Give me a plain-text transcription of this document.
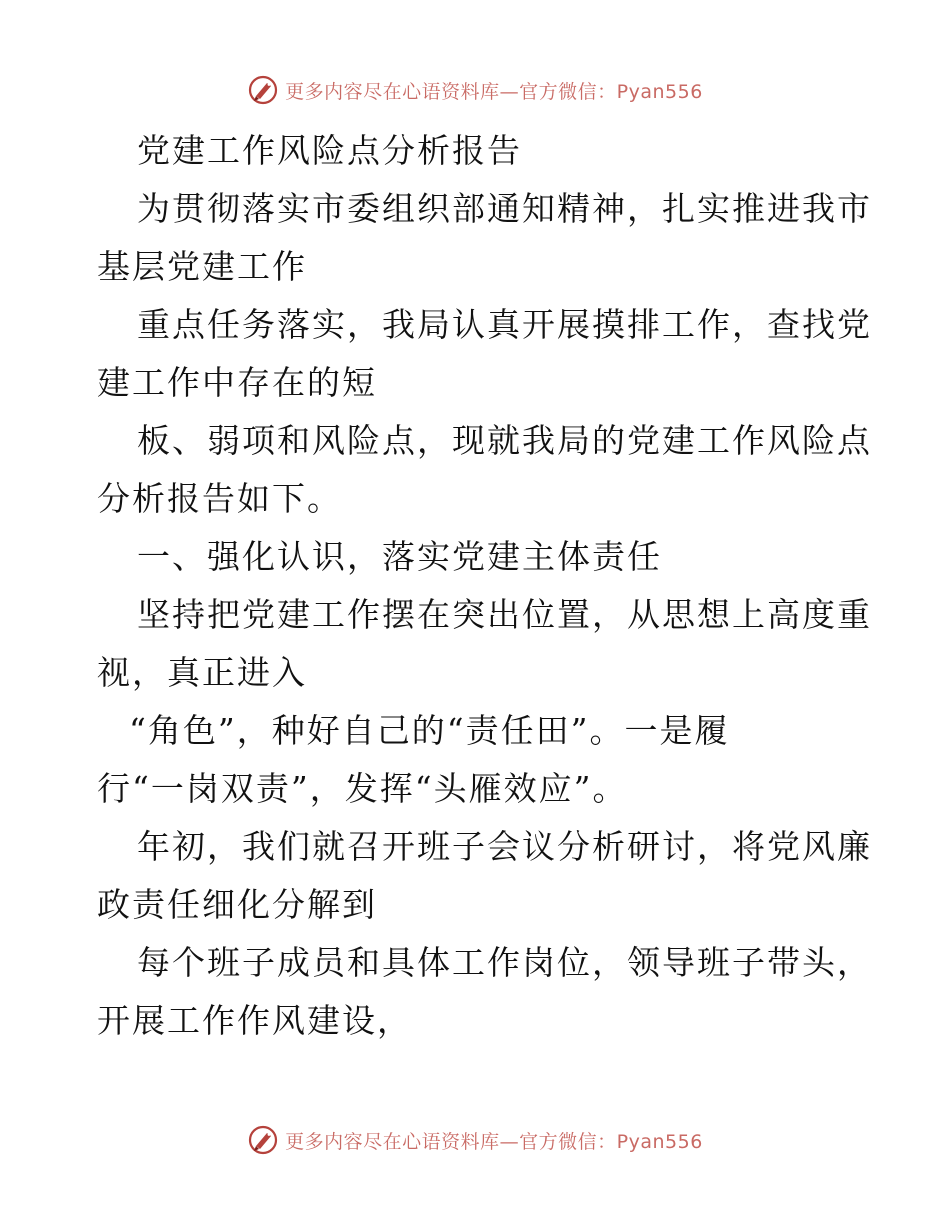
更多内容尽在心语资料库—官方微信：Pyan556
党建工作风险点分析报告
为贯彻落实市委组织部通知精神，扎实推进我市
基层党建工作
重点任务落实，我局认真开展摸排工作，查找党
建工作中存在的短
板、弱项和风险点，现就我局的党建工作风险点
分析报告如下。
一、强化认识，落实党建主体责任
坚持把党建工作摆在突出位置，从思想上高度重
视，真正进入
“角色”，种好自己的“责任田”。一是履
行“一岗双责”，发挥“头雁效应”。
年初，我们就召开班子会议分析研讨，将党风廉
政责任细化分解到
每个班子成员和具体工作岗位，领导班子带头，
开展工作作风建设，
更多内容尽在心语资料库—官方微信：Pyan556
